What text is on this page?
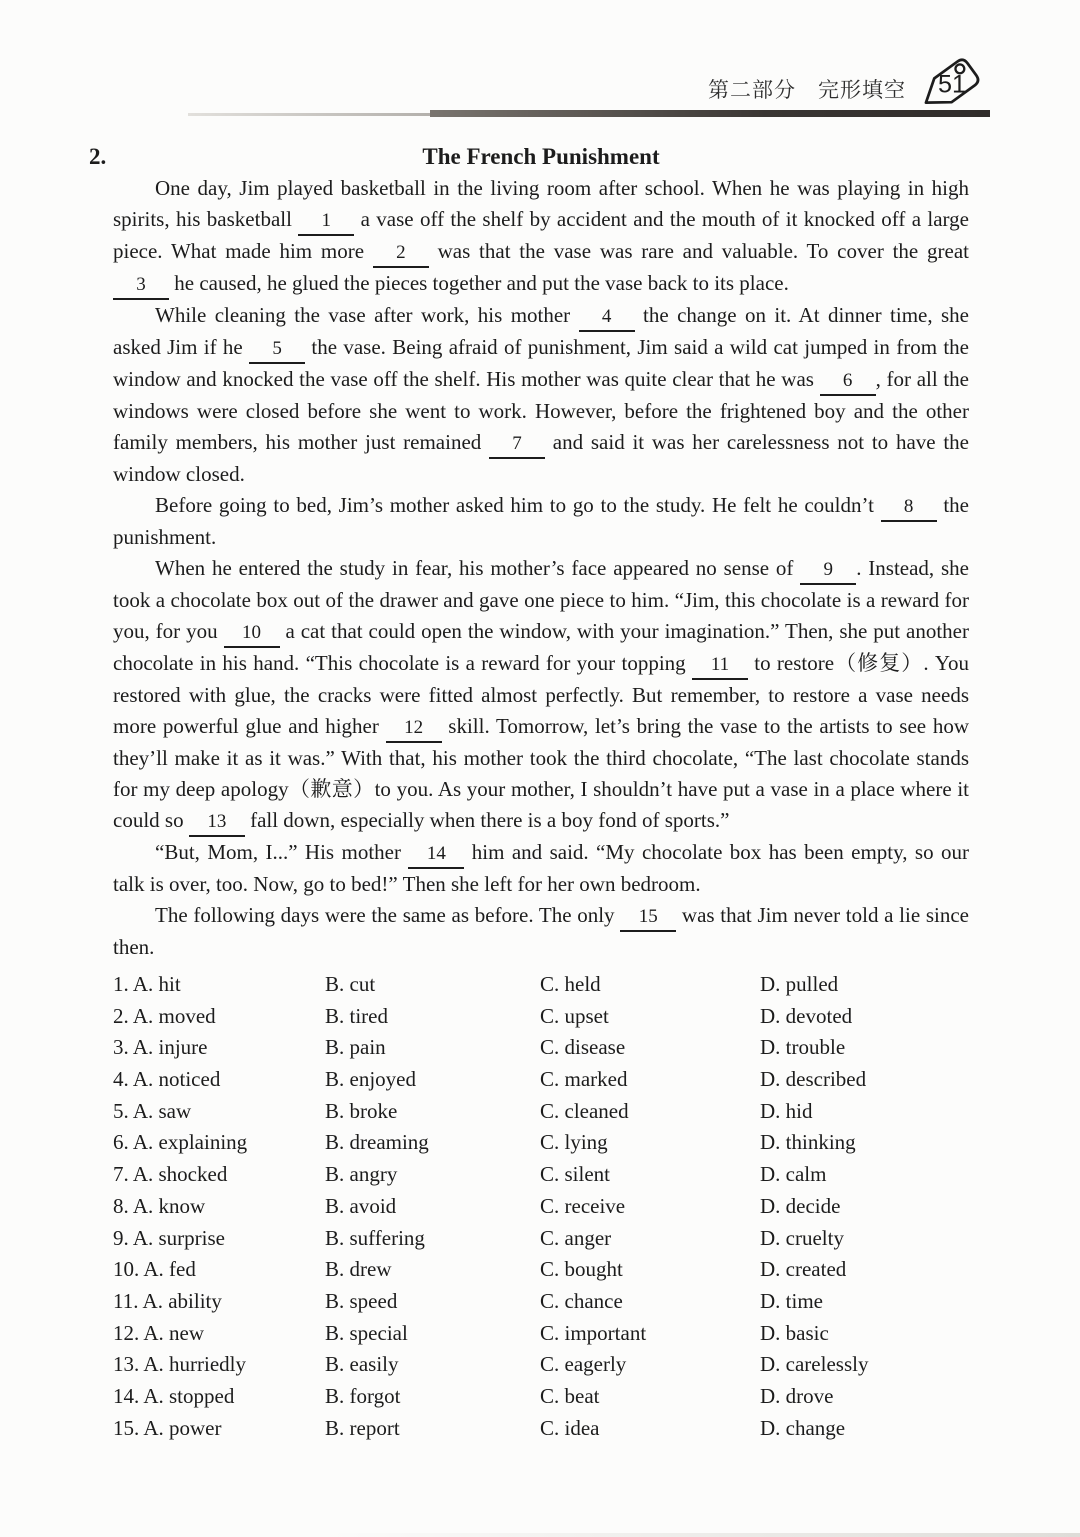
第二部分　完形填空 51
2.	The French Punishment

One day, Jim played basketball in the living room after school. When he was playing in high spirits, his basketball 1 a vase off the shelf by accident and the mouth of it knocked off a large piece. What made him more 2 was that the vase was rare and valuable. To cover the great 3 he caused, he glued the pieces together and put the vase back to its place.

While cleaning the vase after work, his mother 4 the change on it. At dinner time, she asked Jim if he 5 the vase. Being afraid of punishment, Jim said a wild cat jumped in from the window and knocked the vase off the shelf. His mother was quite clear that he was 6 , for all the windows were closed before she went to work. However, before the frightened boy and the other family members, his mother just remained 7 and said it was her carelessness not to have the window closed.

Before going to bed, Jim’s mother asked him to go to the study. He felt he couldn’t 8 the punishment.

When he entered the study in fear, his mother’s face appeared no sense of 9 . Instead, she took a chocolate box out of the drawer and gave one piece to him. “Jim, this chocolate is a reward for you, for you 10 a cat that could open the window, with your imagination.” Then, she put another chocolate in his hand. “This chocolate is a reward for your topping 11 to restore（修复）. You restored with glue, the cracks were fitted almost perfectly. But remember, to restore a vase needs more powerful glue and higher 12 skill. Tomorrow, let’s bring the vase to the artists to see how they’ll make it as it was.” With that, his mother took the third chocolate, “The last chocolate stands for my deep apology（歉意）to you. As your mother, I shouldn’t have put a vase in a place where it could so 13 fall down, especially when there is a boy fond of sports.”

“But, Mom, I...” His mother 14 him and said. “My chocolate box has been empty, so our talk is over, too. Now, go to bed!” Then she left for her own bedroom.

The following days were the same as before. The only 15 was that Jim never told a lie since then.

1. A. hit	B. cut	C. held	D. pulled
2. A. moved	B. tired	C. upset	D. devoted
3. A. injure	B. pain	C. disease	D. trouble
4. A. noticed	B. enjoyed	C. marked	D. described
5. A. saw	B. broke	C. cleaned	D. hid
6. A. explaining	B. dreaming	C. lying	D. thinking
7. A. shocked	B. angry	C. silent	D. calm
8. A. know	B. avoid	C. receive	D. decide
9. A. surprise	B. suffering	C. anger	D. cruelty
10. A. fed	B. drew	C. bought	D. created
11. A. ability	B. speed	C. chance	D. time
12. A. new	B. special	C. important	D. basic
13. A. hurriedly	B. easily	C. eagerly	D. carelessly
14. A. stopped	B. forgot	C. beat	D. drove
15. A. power	B. report	C. idea	D. change
